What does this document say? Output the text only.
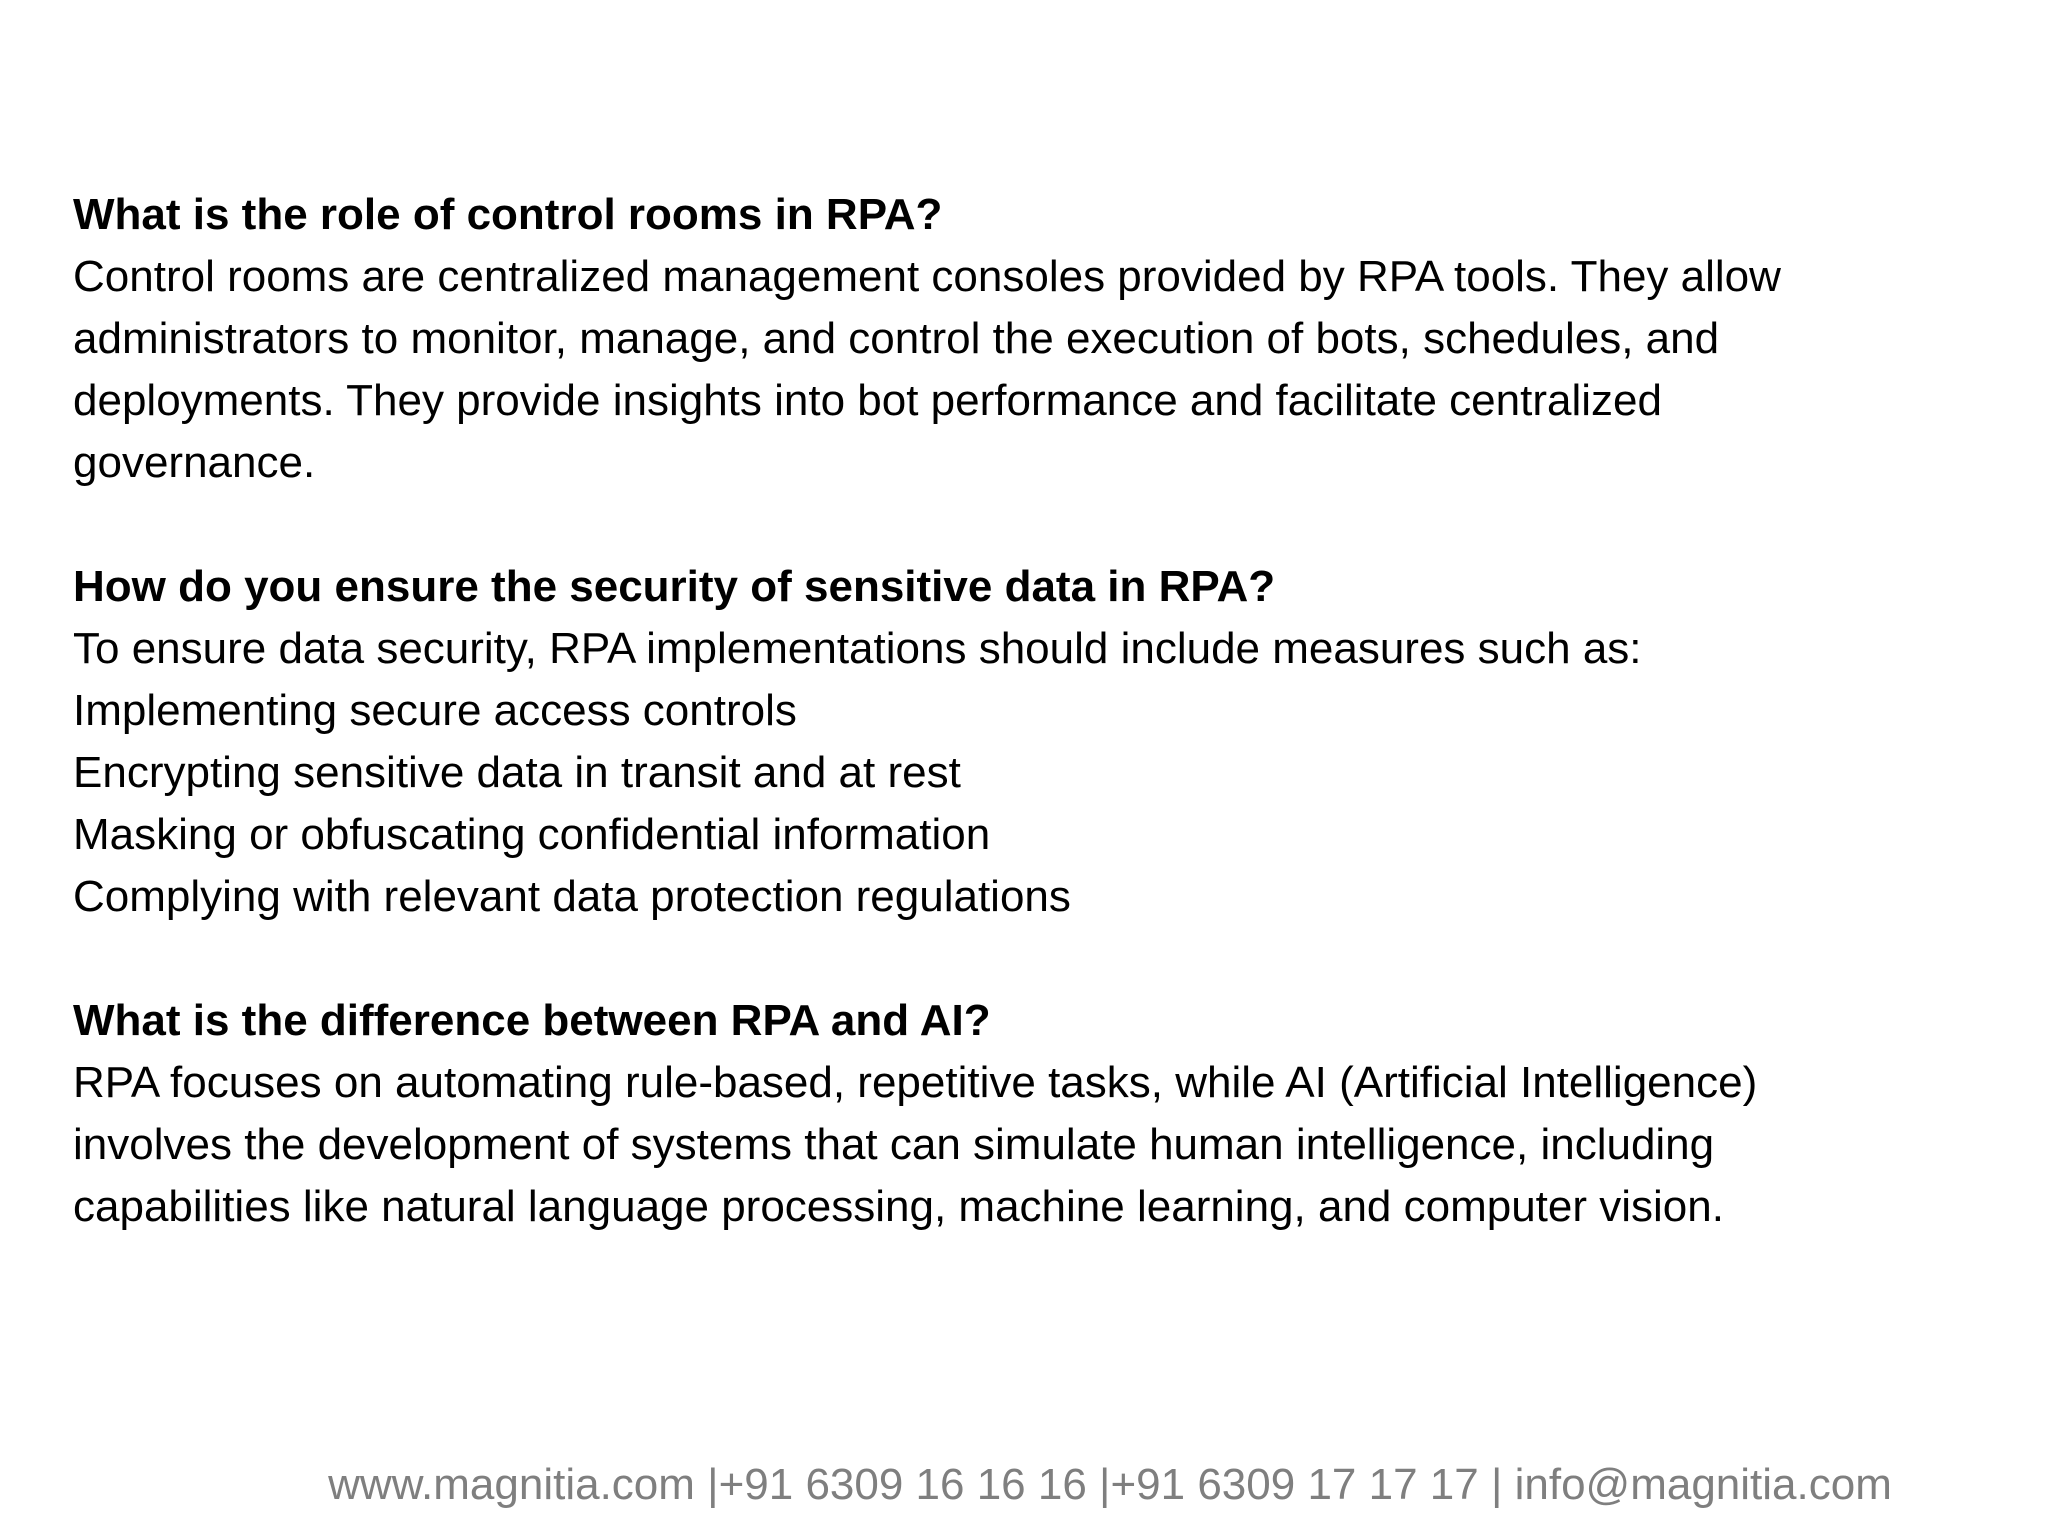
What is the role of control rooms in RPA?

Control rooms are centralized management consoles provided by RPA tools. They allow

administrators to monitor, manage, and control the execution of bots, schedules, and

deployments. They provide insights into bot performance and facilitate centralized

governance.

How do you ensure the security of sensitive data in RPA?

To ensure data security, RPA implementations should include measures such as:

Implementing secure access controls

Encrypting sensitive data in transit and at rest

Masking or obfuscating confidential information

Complying with relevant data protection regulations

What is the difference between RPA and AI?

RPA focuses on automating rule-based, repetitive tasks, while AI (Artificial Intelligence)

involves the development of systems that can simulate human intelligence, including

capabilities like natural language processing, machine learning, and computer vision.

www.magnitia.com |+91 6309 16 16 16 |+91 6309 17 17 17 | info@magnitia.com
